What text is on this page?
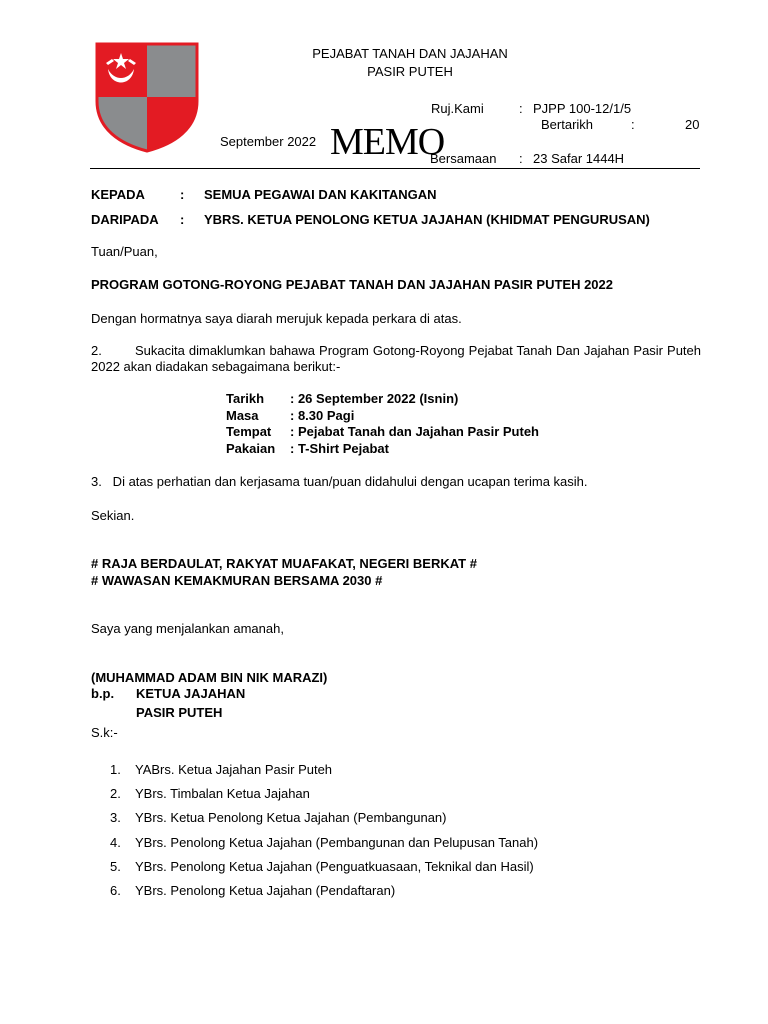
PEJABAT TANAH DAN JAJAHAN
PASIR PUTEH
Ruj.Kami	: PJPP 100-12/1/5
Bertarikh	:	20
September 2022 MEMO
Bersamaan : 23 Safar 1444H
KEPADA	: SEMUA PEGAWAI DAN KAKITANGAN
DARIPADA : YBRS. KETUA PENOLONG KETUA JAJAHAN (KHIDMAT PENGURUSAN)
Tuan/Puan,
PROGRAM GOTONG-ROYONG PEJABAT TANAH DAN JAJAHAN PASIR PUTEH 2022
Dengan hormatnya saya diarah merujuk kepada perkara di atas.
2.	Sukacita dimaklumkan bahawa Program Gotong-Royong Pejabat Tanah Dan Jajahan Pasir Puteh 2022 akan diadakan sebagaimana berikut:-
Tarikh : 26 September 2022 (Isnin)
Masa : 8.30 Pagi
Tempat : Pejabat Tanah dan Jajahan Pasir Puteh
Pakaian : T-Shirt Pejabat
3.   Di atas perhatian dan kerjasama tuan/puan didahului dengan ucapan terima kasih.
Sekian.
# RAJA BERDAULAT, RAKYAT MUAFAKAT, NEGERI BERKAT #
# WAWASAN KEMAKMURAN BERSAMA 2030 #
Saya yang menjalankan amanah,
(MUHAMMAD ADAM BIN NIK MARAZI)
b.p. KETUA JAJAHAN
PASIR PUTEH
S.k:-
1. YABrs. Ketua Jajahan Pasir Puteh
2. YBrs. Timbalan Ketua Jajahan
3. YBrs. Ketua Penolong Ketua Jajahan (Pembangunan)
4. YBrs. Penolong Ketua Jajahan (Pembangunan dan Pelupusan Tanah)
5. YBrs. Penolong Ketua Jajahan (Penguatkuasaan, Teknikal dan Hasil)
6. YBrs. Penolong Ketua Jajahan (Pendaftaran)
